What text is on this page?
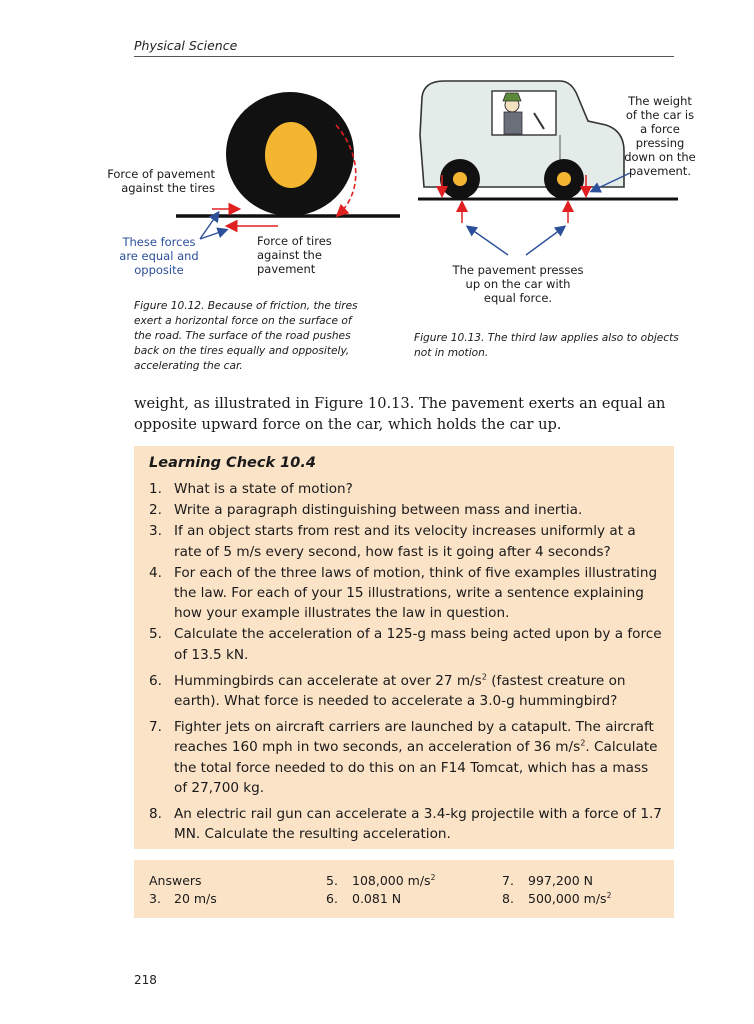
Physical Science
Force of pavement against the tires
These forces are equal and opposite
Force of tires against the pavement
The weight of the car is a force pressing down on the pavement.
The pavement presses up on the car with equal force.
Figure 10.12. Because of friction, the tires exert a horizontal force on the surface of the road. The surface of the road pushes back on the tires equally and oppositely, accelerating the car.
Figure 10.13. The third law applies also to objects not in motion.
weight, as illustrated in Figure 10.13. The pavement exerts an equal an opposite upward force on the car, which holds the car up.
Learning Check 10.4
1. What is a state of motion?
2. Write a paragraph distinguishing between mass and inertia.
3. If an object starts from rest and its velocity increases uniformly at a rate of 5 m/s every second, how fast is it going after 4 seconds?
4. For each of the three laws of motion, think of five examples illustrating the law. For each of your 15 illustrations, write a sentence explaining how your example illustrates the law in question.
5. Calculate the acceleration of a 125-g mass being acted upon by a force of 13.5 kN.
6. Hummingbirds can accelerate at over 27 $m/s^2$ (fastest creature on earth). What force is needed to accelerate a 3.0-g hummingbird?
7. Fighter jets on aircraft carriers are launched by a catapult. The aircraft reaches 160 mph in two seconds, an acceleration of 36 $m/s^2$. Calculate the total force needed to do this on an F14 Tomcat, which has a mass of 27,700 kg.
8. An electric rail gun can accelerate a 3.4-kg projectile with a force of 1.7 MN. Calculate the resulting acceleration.
Answers
3. 20 m/s
5. 108,000 $m/s^2$
6. 0.081 N
7. 997,200 N
8. 500,000 $m/s^2$
218
